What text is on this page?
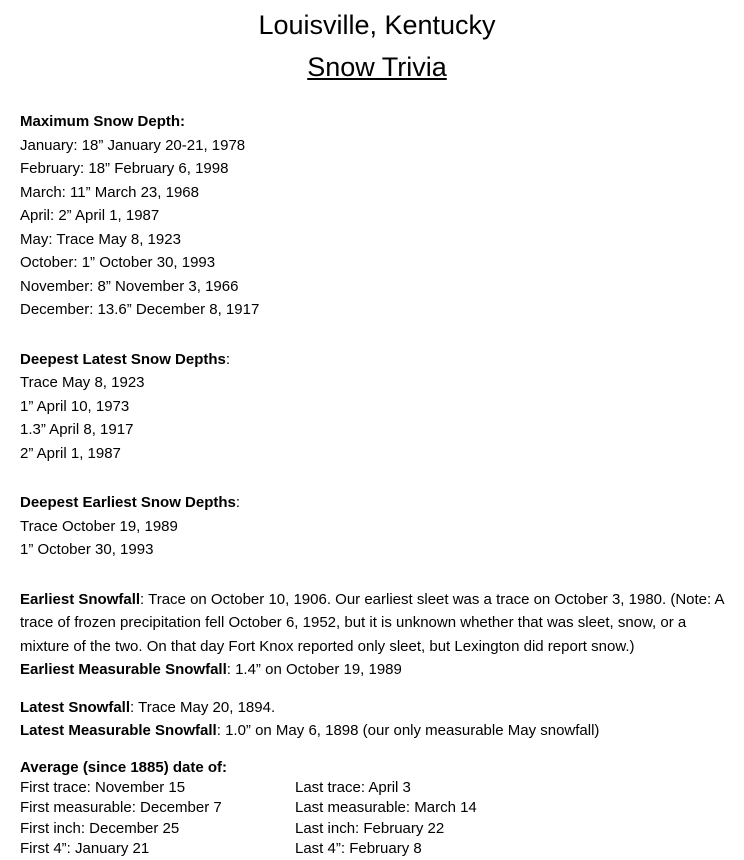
Louisville, Kentucky
Snow Trivia
Maximum Snow Depth:
January: 18” January 20-21, 1978
February: 18” February 6, 1998
March: 11” March 23, 1968
April: 2” April 1, 1987
May: Trace May 8, 1923
October: 1” October 30, 1993
November: 8” November 3, 1966
December: 13.6” December 8, 1917
Deepest Latest Snow Depths:
Trace May 8, 1923
1” April 10, 1973
1.3” April 8, 1917
2” April 1, 1987
Deepest Earliest Snow Depths:
Trace October 19, 1989
1” October 30, 1993

Earliest Snowfall: Trace on October 10, 1906. Our earliest sleet was a trace on October 3, 1980. (Note: A trace of frozen precipitation fell October 6, 1952, but it is unknown whether that was sleet, snow, or a mixture of the two. On that day Fort Knox reported only sleet, but Lexington did report snow.)

Earliest Measurable Snowfall: 1.4” on October 19, 1989

Latest Snowfall: Trace May 20, 1894.

Latest Measurable Snowfall: 1.0” on May 6, 1898 (our only measurable May snowfall)

Average (since 1885) date of:
First trace: November 15	Last trace: April 3
First measurable: December 7	Last measurable: March 14
First inch: December 25	Last inch: February 22
First 4”: January 21	Last 4”: February 8
